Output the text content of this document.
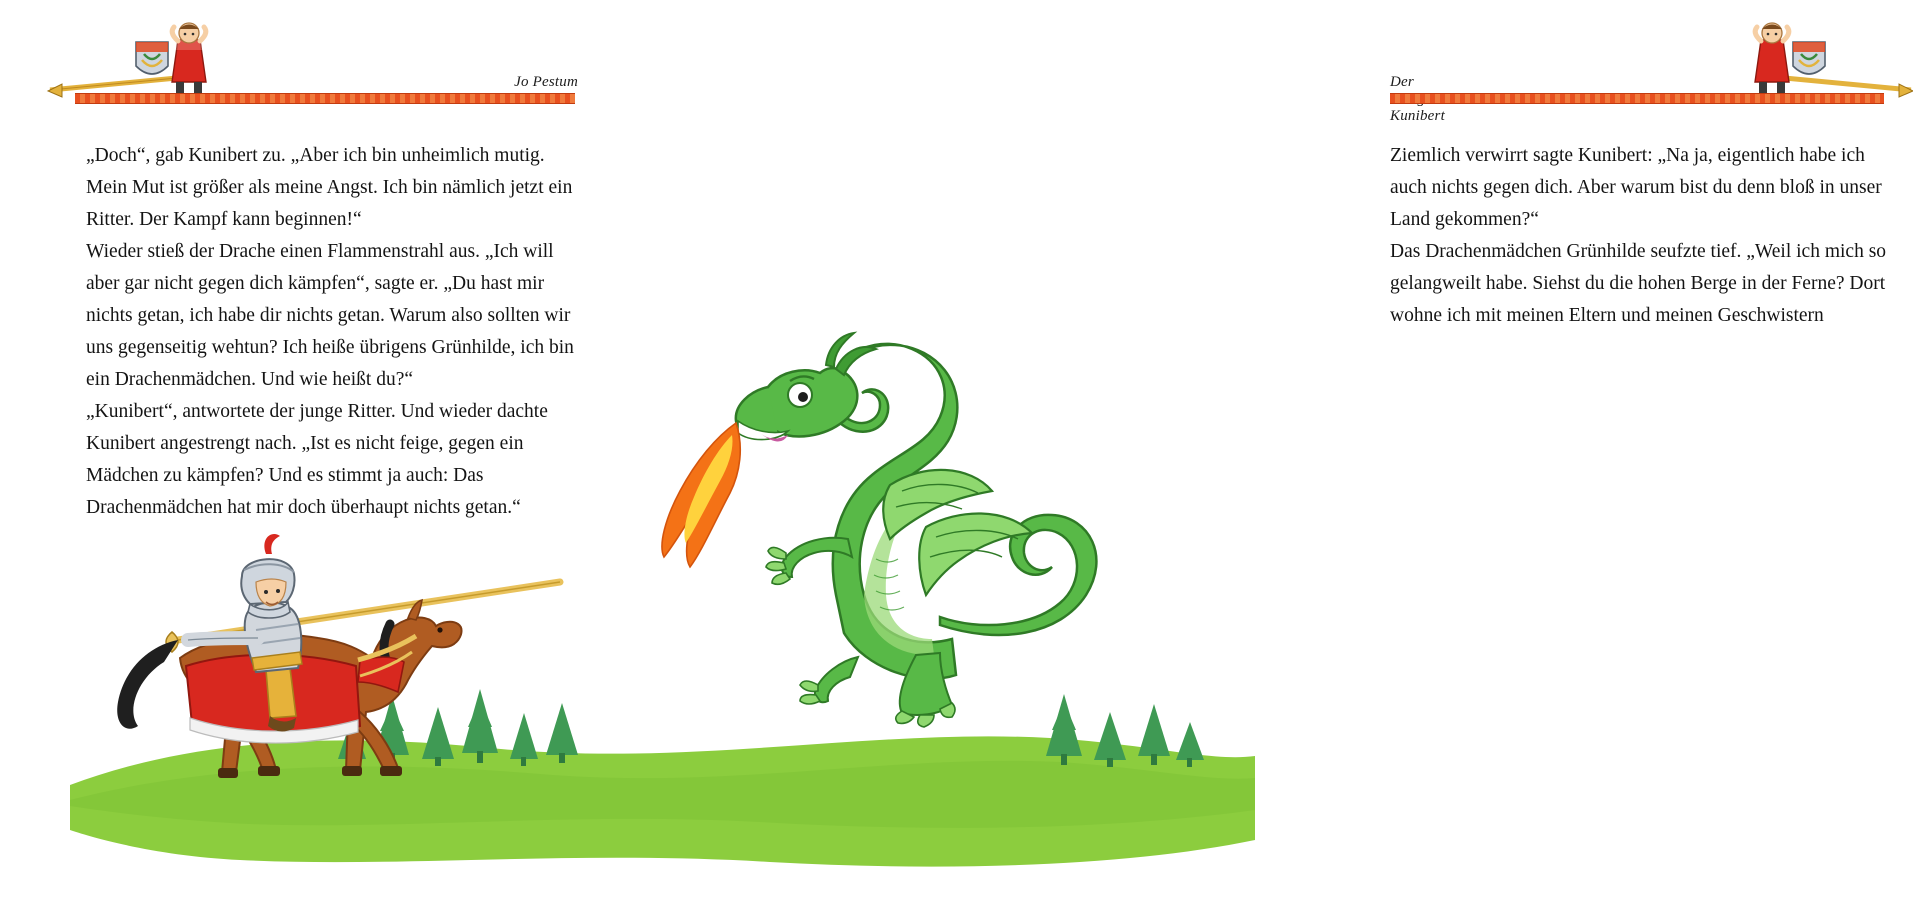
Jo Pestum

„Doch“, gab Kunibert zu. „Aber ich bin unheimlich mutig. Mein Mut ist größer als meine Angst. Ich bin nämlich jetzt ein Ritter. Der Kampf kann beginnen!“

Wieder stieß der Drache einen Flammenstrahl aus. „Ich will aber gar nicht gegen dich kämpfen“, sagte er. „Du hast mir nichts getan, ich habe dir nichts getan. Warum also sollten wir uns gegenseitig wehtun? Ich heiße übrigens Grünhilde, ich bin ein Drachenmädchen. Und wie heißt du?“

„Kunibert“, antwortete der junge Ritter. Und wieder dachte Kunibert angestrengt nach. „Ist es nicht feige, gegen ein Mädchen zu kämpfen? Und es stimmt ja auch: Das Drachenmädchen hat mir doch überhaupt nichts getan.“

Der Kunibert

Ziemlich verwirrt sagte Kunibert: „Na ja, eigentlich habe ich auch nichts gegen dich. Aber warum bist du denn bloß in unser Land gekommen?“

Das Drachenmädchen Grünhilde seufzte tief. „Weil ich mich so gelangweilt habe. Siehst du die hohen Berge in der Ferne? Dort wohne ich mit meinen Eltern und meinen Geschwistern
